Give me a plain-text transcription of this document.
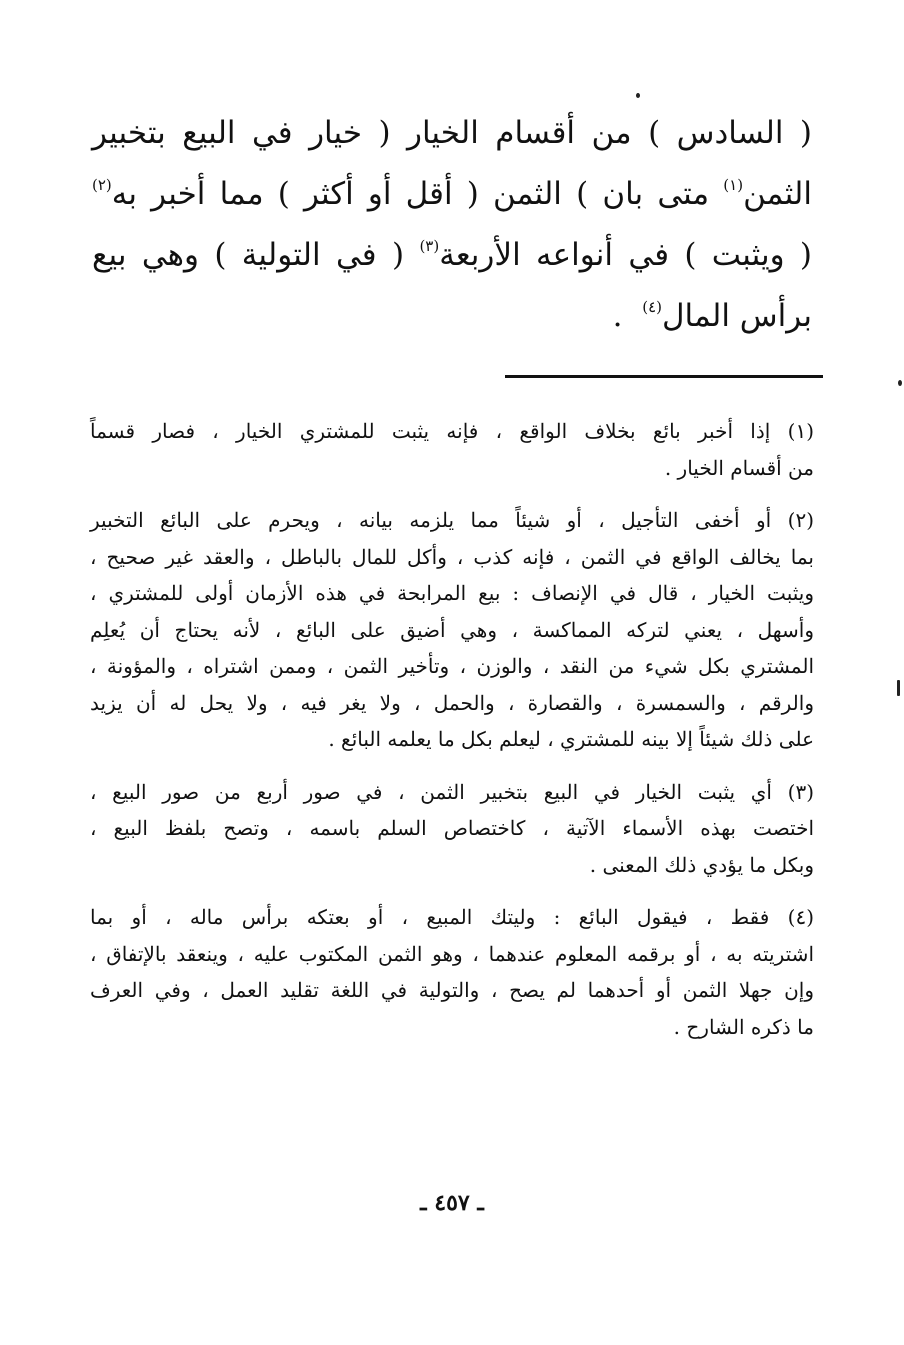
( السادس ) من أقسام الخيار ( خيار في البيع بتخبير
الثمن$^{(١)}$ متى بان ) الثمن ( أقل أو أكثر ) مما أخبر به$^{(٢)}$
( ويثبت ) في أنواعه الأربعة$^{(٣)}$ ( في التولية ) وهي بيع
برأس المال$^{(٤)}$  .
(١) إذا أخبر بائع بخلاف الواقع ، فإنه يثبت للمشتري الخيار ، فصار قسماً
من أقسام الخيار .
(٢) أو أخفى التأجيل ، أو شيئاً مما يلزمه بيانه ، ويحرم على البائع التخبير
بما يخالف الواقع في الثمن ، فإنه كذب ، وأكل للمال بالباطل ، والعقد غير صحيح ،
ويثبت الخيار ، قال في الإنصاف : بيع المرابحة في هذه الأزمان أولى للمشتري ،
وأسهل ، يعني لتركه المماكسة ، وهي أضيق على البائع ، لأنه يحتاج أن يُعلِم
المشتري بكل شيء من النقد ، والوزن ، وتأخير الثمن ، وممن اشتراه ، والمؤونة ،
والرقم ، والسمسرة ، والقصارة ، والحمل ، ولا يغر فيه ، ولا يحل له أن يزيد
على ذلك شيئاً إلا بينه للمشتري ، ليعلم بكل ما يعلمه البائع .
(٣) أي يثبت الخيار في البيع بتخبير الثمن ، في صور أربع من صور البيع ،
اختصت بهذه الأسماء الآتية ، كاختصاص السلم باسمه ، وتصح بلفظ البيع ،
وبكل ما يؤدي ذلك المعنى .
(٤) فقط ، فيقول البائع : وليتك المبيع ، أو بعتكه برأس ماله ، أو بما
اشتريته به ، أو برقمه المعلوم عندهما ، وهو الثمن المكتوب عليه ، وينعقد بالإتفاق ،
وإن جهلا الثمن أو أحدهما لم يصح ، والتولية في اللغة تقليد العمل ، وفي العرف
ما ذكره الشارح .
ـ ٤٥٧ ـ
